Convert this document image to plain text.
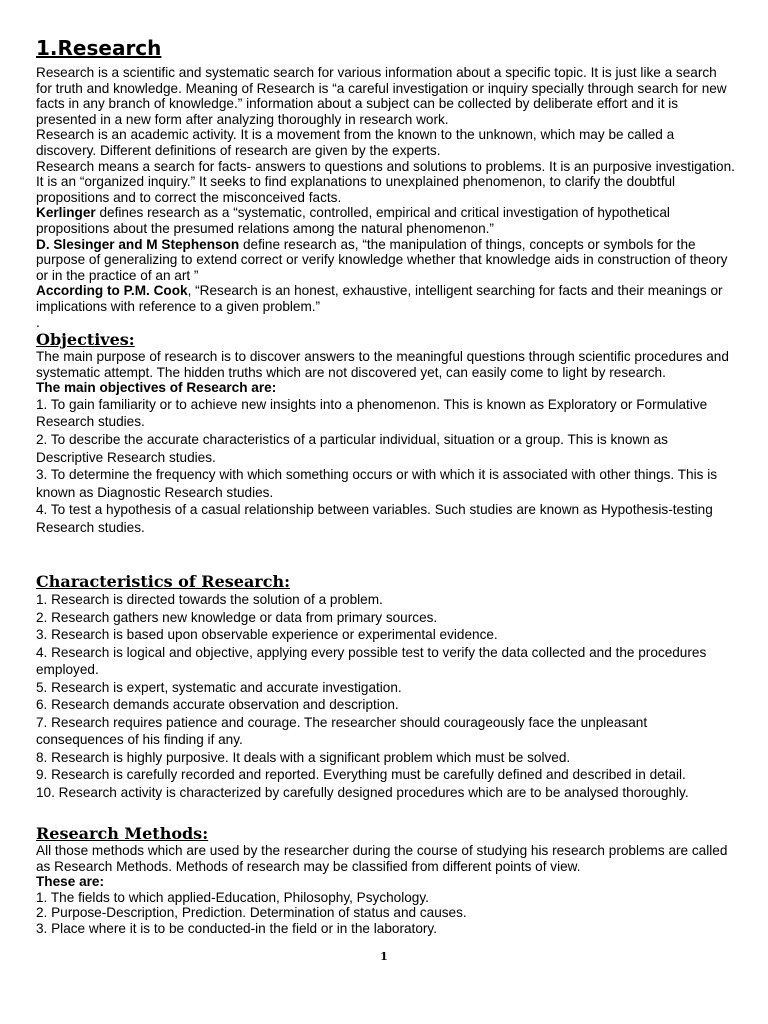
1.Research

Research is a scientific and systematic search for various information about a specific topic. It is just like a search for truth and knowledge. Meaning of Research is “a careful investigation or inquiry specially through search for new facts in any branch of knowledge.” information about a subject can be collected by deliberate effort and it is presented in a new form after analyzing thoroughly in research work.

Research is an academic activity. It is a movement from the known to the unknown, which may be called a discovery. Different definitions of research are given by the experts.

Research means a search for facts- answers to questions and solutions to problems. It is an purposive investigation. It is an “organized inquiry.” It seeks to find explanations to unexplained phenomenon, to clarify the doubtful propositions and to correct the misconceived facts.

Kerlinger defines research as a “systematic, controlled, empirical and critical investigation of hypothetical propositions about the presumed relations among the natural phenomenon.”

D. Slesinger and M Stephenson define research as, “the manipulation of things, concepts or symbols for the purpose of generalizing to extend correct or verify knowledge whether that knowledge aids in construction of theory or in the practice of an art ”

According to P.M. Cook, “Research is an honest, exhaustive, intelligent searching for facts and their meanings or implications with reference to a given problem.”

.

Objectives:

The main purpose of research is to discover answers to the meaningful questions through scientific procedures and systematic attempt. The hidden truths which are not discovered yet, can easily come to light by research.

The main objectives of Research are:

1. To gain familiarity or to achieve new insights into a phenomenon. This is known as Exploratory or Formulative Research studies.

2. To describe the accurate characteristics of a particular individual, situation or a group. This is known as Descriptive Research studies.

3. To determine the frequency with which something occurs or with which it is associated with other things. This is known as Diagnostic Research studies.

4. To test a hypothesis of a casual relationship between variables. Such studies are known as Hypothesis-testing Research studies.

Characteristics of Research:

1. Research is directed towards the solution of a problem.

2. Research gathers new knowledge or data from primary sources.

3. Research is based upon observable experience or experimental evidence.

4. Research is logical and objective, applying every possible test to verify the data collected and the procedures employed.

5. Research is expert, systematic and accurate investigation.

6. Research demands accurate observation and description.

7. Research requires patience and courage. The researcher should courageously face the unpleasant consequences of his finding if any.

8. Research is highly purposive. It deals with a significant problem which must be solved.

9. Research is carefully recorded and reported. Everything must be carefully defined and described in detail.

10. Research activity is characterized by carefully designed procedures which are to be analysed thoroughly.

Research Methods:

All those methods which are used by the researcher during the course of studying his research problems are called as Research Methods. Methods of research may be classified from different points of view.

These are:

1. The fields to which applied-Education, Philosophy, Psychology.

2. Purpose-Description, Prediction. Determination of status and causes.

3. Place where it is to be conducted-in the field or in the laboratory.

1
